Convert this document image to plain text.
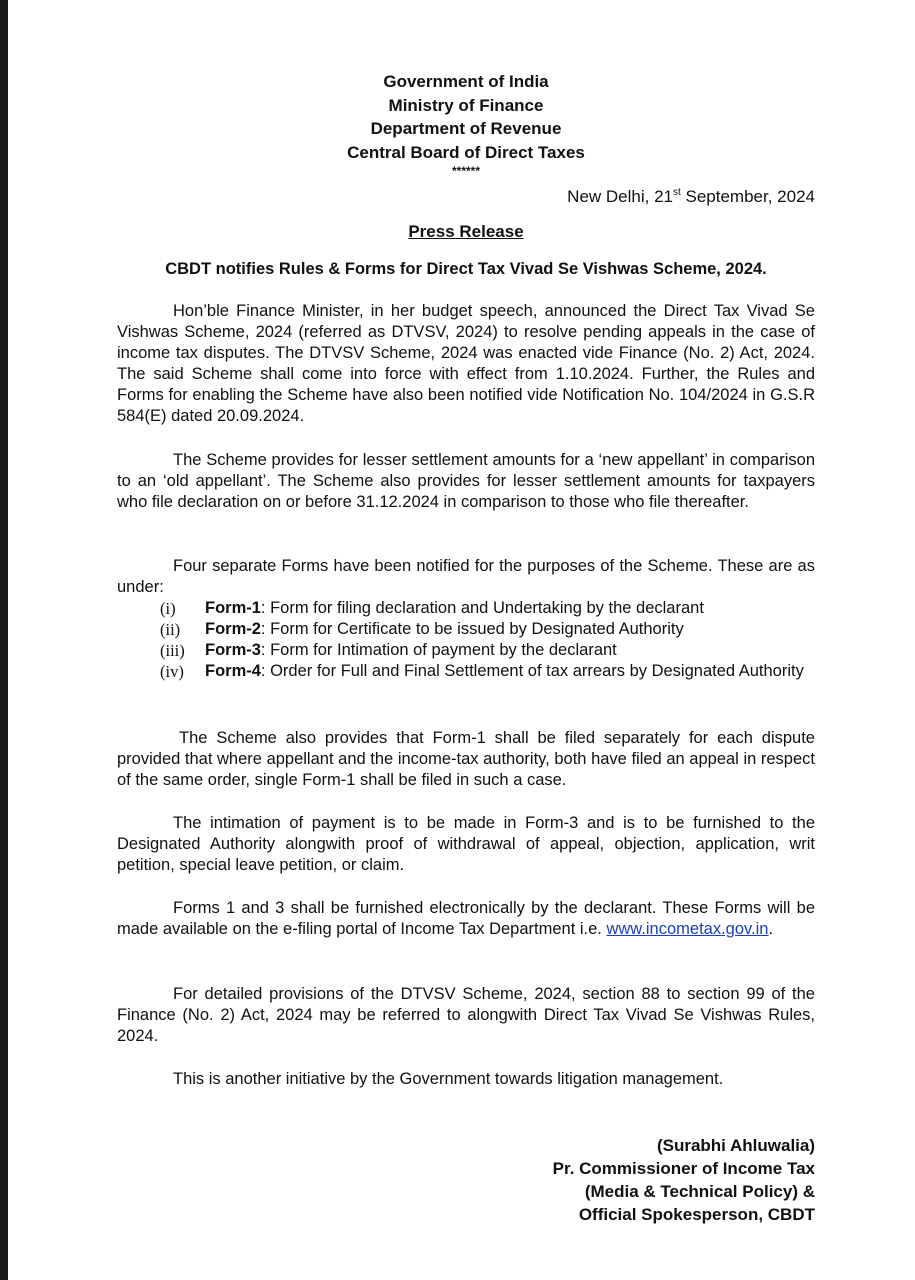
Government of India
Ministry of Finance
Department of Revenue
Central Board of Direct Taxes
******
New Delhi, 21st September, 2024
Press Release
CBDT notifies Rules & Forms for Direct Tax Vivad Se Vishwas Scheme, 2024.

Hon’ble Finance Minister, in her budget speech, announced the Direct Tax Vivad Se Vishwas Scheme, 2024 (referred as DTVSV, 2024) to resolve pending appeals in the case of income tax disputes. The DTVSV Scheme, 2024 was enacted vide Finance (No. 2) Act, 2024. The said Scheme shall come into force with effect from 1.10.2024. Further, the Rules and Forms for enabling the Scheme have also been notified vide Notification No. 104/2024 in G.S.R 584(E) dated 20.09.2024.

The Scheme provides for lesser settlement amounts for a ‘new appellant’ in comparison to an ‘old appellant’. The Scheme also provides for lesser settlement amounts for taxpayers who file declaration on or before 31.12.2024 in comparison to those who file thereafter.

Four separate Forms have been notified for the purposes of the Scheme. These are as under:

(i)	Form-1: Form for filing declaration and Undertaking by the declarant
(ii)	Form-2: Form for Certificate to be issued by Designated Authority
(iii)	Form-3: Form for Intimation of payment by the declarant
(iv)	Form-4: Order for Full and Final Settlement of tax arrears by Designated Authority

The Scheme also provides that Form-1 shall be filed separately for each dispute provided that where appellant and the income-tax authority, both have filed an appeal in respect of the same order, single Form-1 shall be filed in such a case.

The intimation of payment is to be made in Form-3 and is to be furnished to the Designated Authority alongwith proof of withdrawal of appeal, objection, application, writ petition, special leave petition, or claim.

Forms 1 and 3 shall be furnished electronically by the declarant. These Forms will be made available on the e-filing portal of Income Tax Department i.e. www.incometax.gov.in.

For detailed provisions of the DTVSV Scheme, 2024, section 88 to section 99 of the Finance (No. 2) Act, 2024 may be referred to alongwith Direct Tax Vivad Se Vishwas Rules, 2024.

This is another initiative by the Government towards litigation management.

(Surabhi Ahluwalia)
Pr. Commissioner of Income Tax
(Media & Technical Policy) &
Official Spokesperson, CBDT
